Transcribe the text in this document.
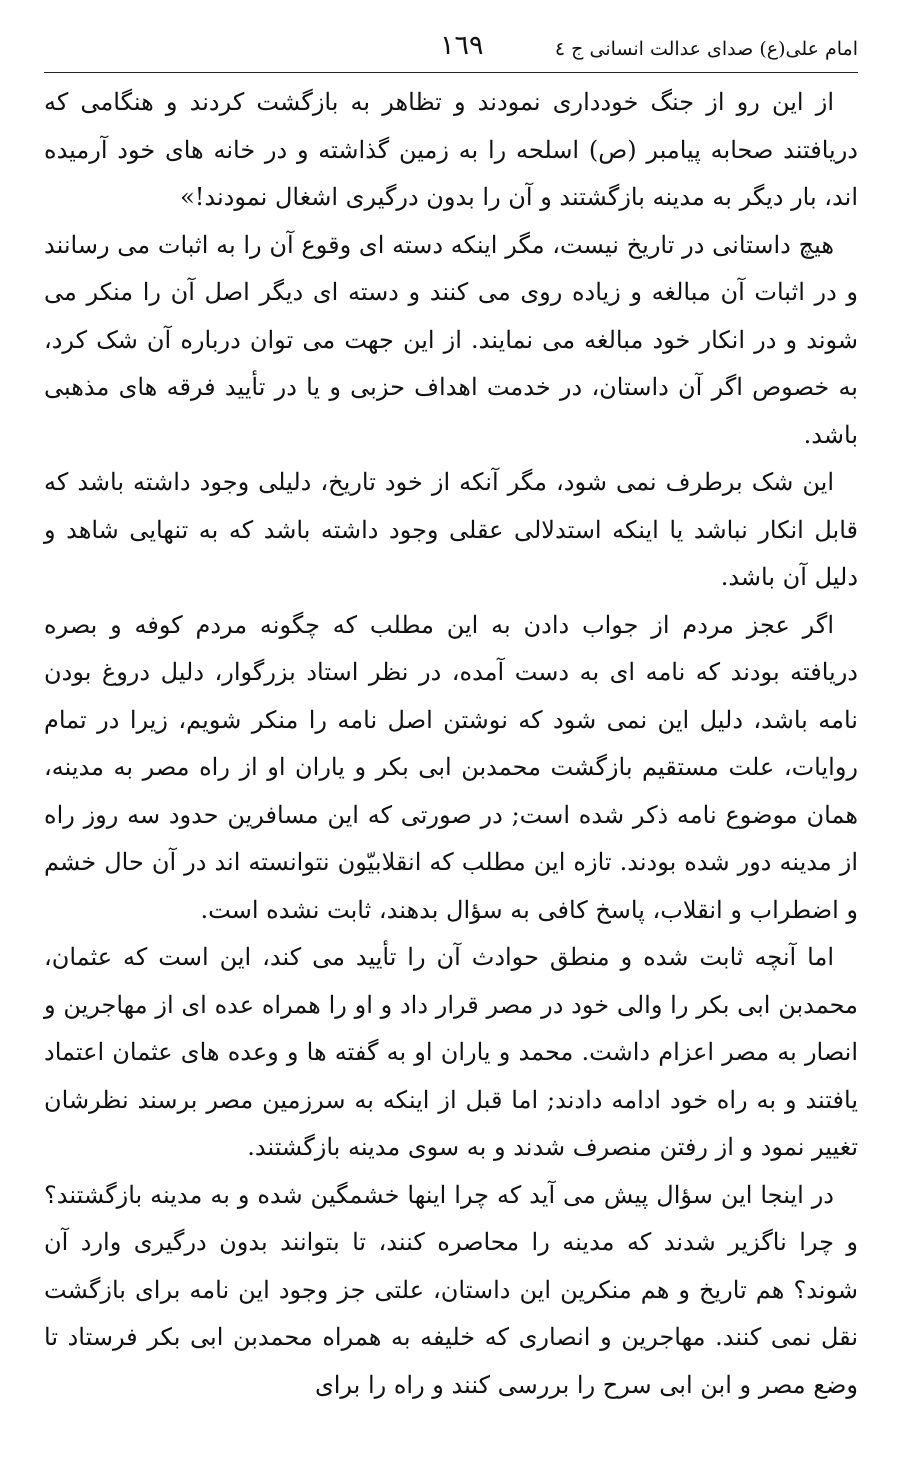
امام علی(ع) صدای عدالت انسانی ج ٤
١٦٩

از این رو از جنگ خودداری نمودند و تظاهر به بازگشت کردند و هنگامی که دریافتند صحابه پیامبر (ص) اسلحه را به زمین گذاشته و در خانه های خود آرمیده اند، بار دیگر به مدینه بازگشتند و آن را بدون درگیری اشغال نمودند!»

هیچ داستانی در تاریخ نیست، مگر اینکه دسته ای وقوع آن را به اثبات می رسانند و در اثبات آن مبالغه و زیاده روی می کنند و دسته ای دیگر اصل آن را منکر می شوند و در انکار خود مبالغه می نمایند. از این جهت می توان درباره آن شک کرد، به خصوص اگر آن داستان، در خدمت اهداف حزبی و یا در تأیید فرقه های مذهبی باشد.

این شک برطرف نمی شود، مگر آنکه از خود تاریخ، دلیلی وجود داشته باشد که قابل انکار نباشد یا اینکه استدلالی عقلی وجود داشته باشد که به تنهایی شاهد و دلیل آن باشد.

اگر عجز مردم از جواب دادن به این مطلب که چگونه مردم کوفه و بصره دریافته بودند که نامه ای به دست آمده، در نظر استاد بزرگوار، دلیل دروغ بودن نامه باشد، دلیل این نمی شود که نوشتن اصل نامه را منکر شویم، زیرا در تمام روایات، علت مستقیم بازگشت محمدبن ابی بکر و یاران او از راه مصر به مدینه، همان موضوع نامه ذکر شده است; در صورتی که این مسافرین حدود سه روز راه از مدینه دور شده بودند. تازه این مطلب که انقلابیّون نتوانسته اند در آن حال خشم و اضطراب و انقلاب، پاسخ کافی به سؤال بدهند، ثابت نشده است.

اما آنچه ثابت شده و منطق حوادث آن را تأیید می کند، این است که عثمان، محمدبن ابی بکر را والی خود در مصر قرار داد و او را همراه عده ای از مهاجرین و انصار به مصر اعزام داشت. محمد و یاران او به گفته ها و وعده های عثمان اعتماد یافتند و به راه خود ادامه دادند; اما قبل از اینکه به سرزمین مصر برسند نظرشان تغییر نمود و از رفتن منصرف شدند و به سوی مدینه بازگشتند.

در اینجا این سؤال پیش می آید که چرا اینها خشمگین شده و به مدینه بازگشتند؟ و چرا ناگزیر شدند که مدینه را محاصره کنند، تا بتوانند بدون درگیری وارد آن شوند؟ هم تاریخ و هم منکرین این داستان، علتی جز وجود این نامه برای بازگشت نقل نمی کنند. مهاجرین و انصاری که خلیفه به همراه محمدبن ابی بکر فرستاد تا وضع مصر و ابن ابی سرح را بررسی کنند و راه را برای
